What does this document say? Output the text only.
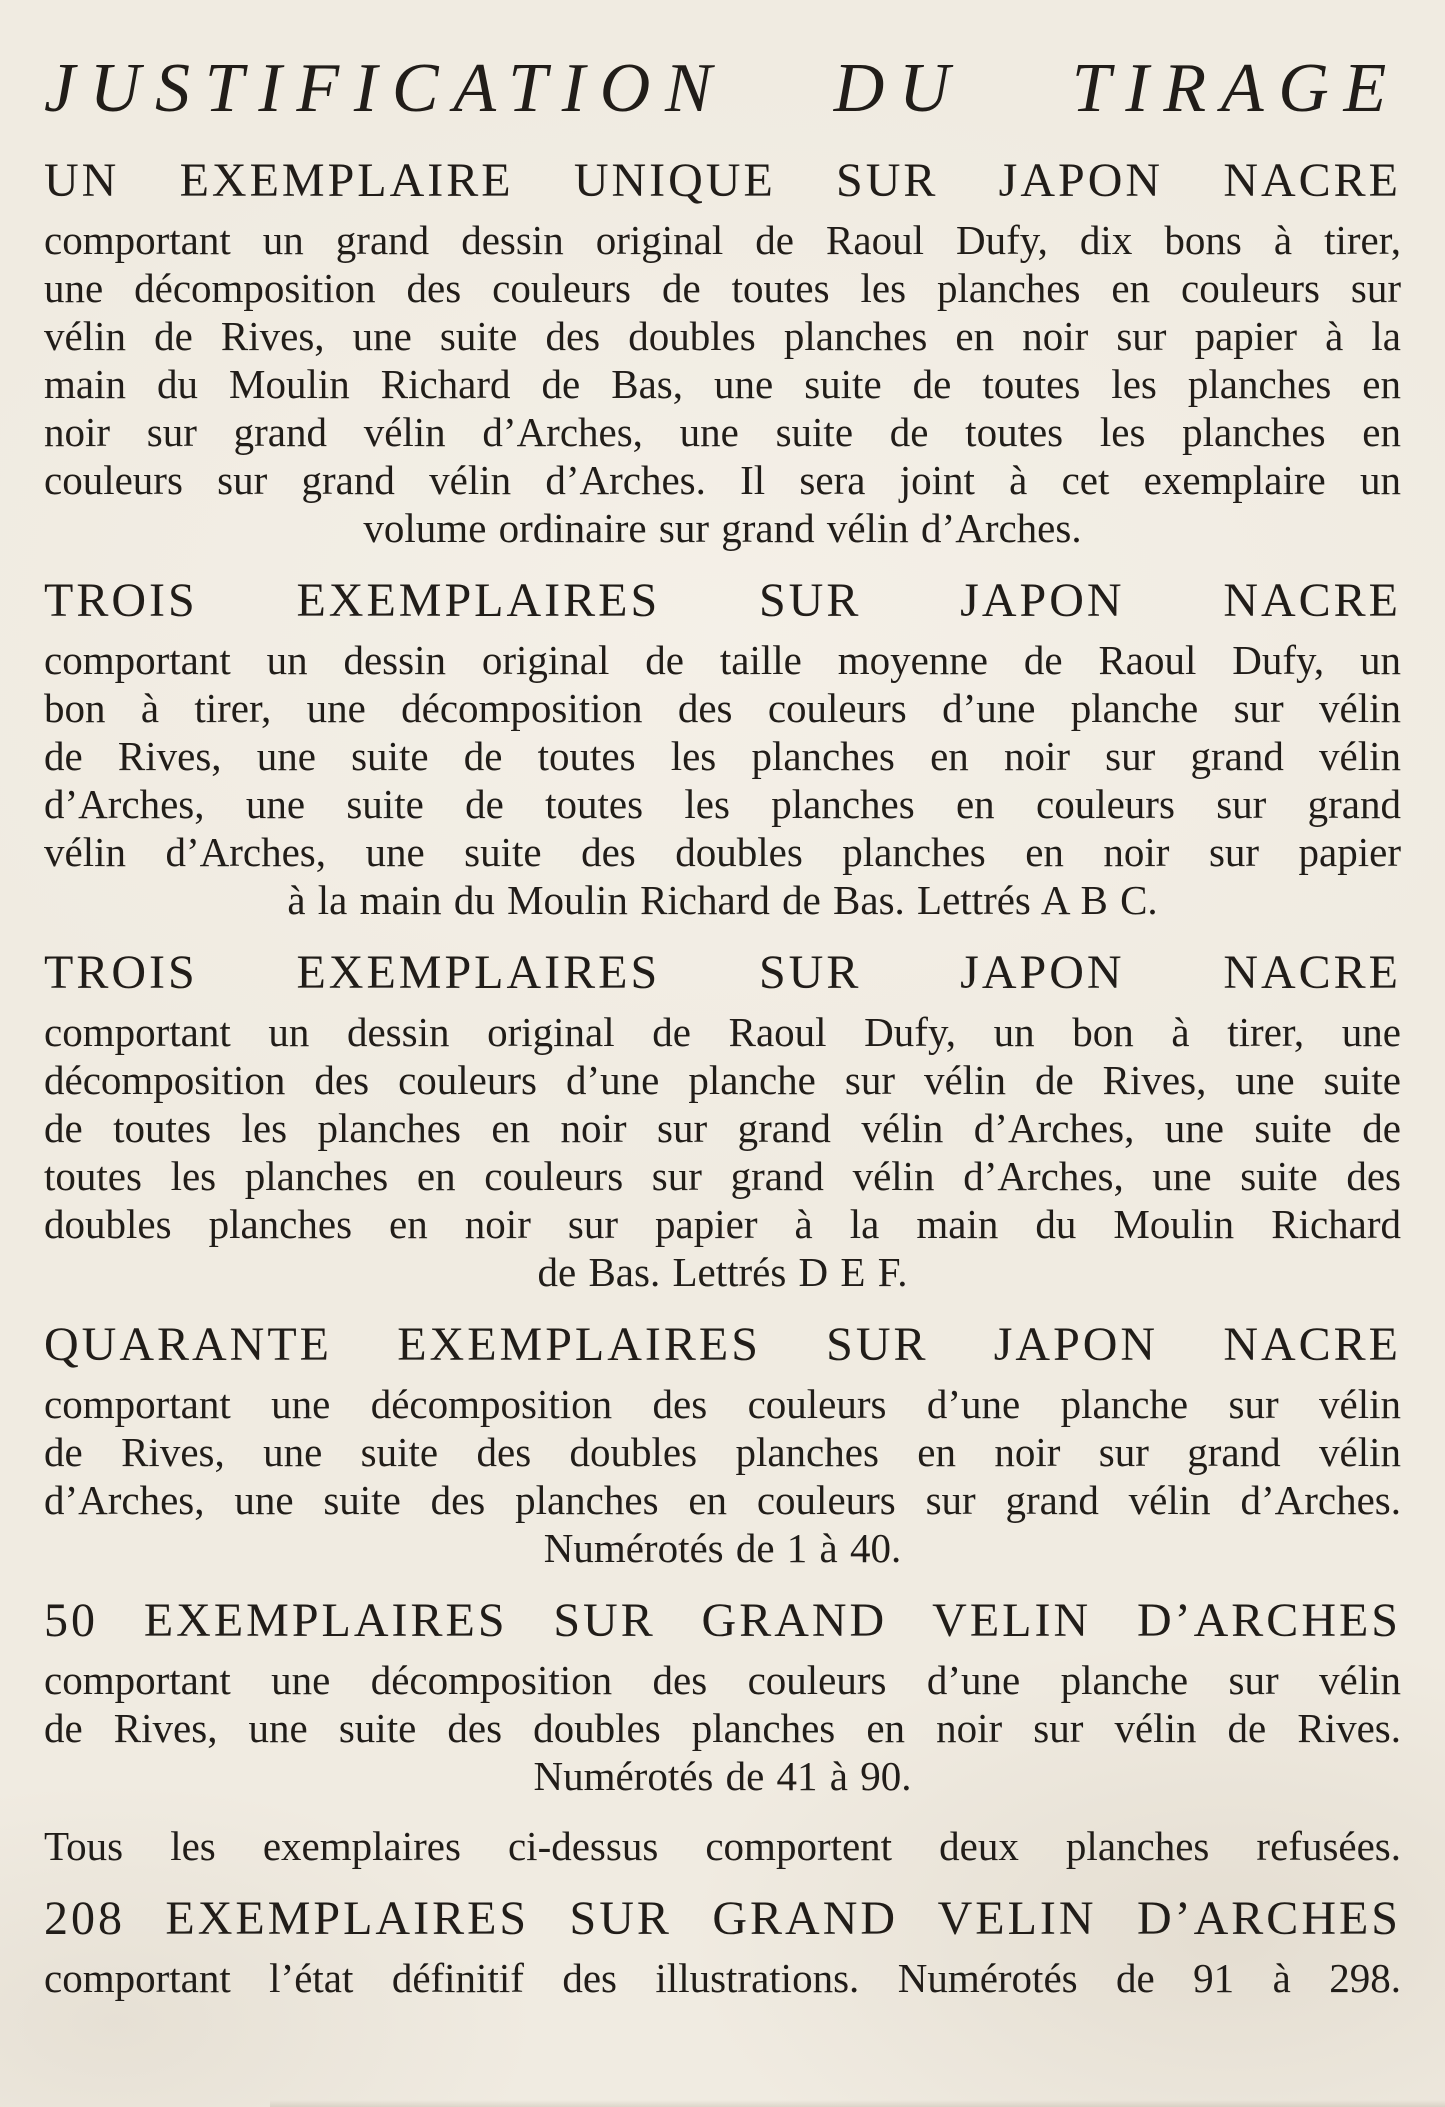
JUSTIFICATION DU TIRAGE
UN EXEMPLAIRE UNIQUE SUR JAPON NACRE
comportant un grand dessin original de Raoul Dufy, dix bons à tirer,
une décomposition des couleurs de toutes les planches en couleurs sur
vélin de Rives, une suite des doubles planches en noir sur papier à la
main du Moulin Richard de Bas, une suite de toutes les planches en
noir sur grand vélin d’Arches, une suite de toutes les planches en
couleurs sur grand vélin d’Arches. Il sera joint à cet exemplaire un
volume ordinaire sur grand vélin d’Arches.
TROIS EXEMPLAIRES SUR JAPON NACRE
comportant un dessin original de taille moyenne de Raoul Dufy, un
bon à tirer, une décomposition des couleurs d’une planche sur vélin
de Rives, une suite de toutes les planches en noir sur grand vélin
d’Arches, une suite de toutes les planches en couleurs sur grand
vélin d’Arches, une suite des doubles planches en noir sur papier
à la main du Moulin Richard de Bas. Lettrés A B C.
TROIS EXEMPLAIRES SUR JAPON NACRE
comportant un dessin original de Raoul Dufy, un bon à tirer, une
décomposition des couleurs d’une planche sur vélin de Rives, une suite
de toutes les planches en noir sur grand vélin d’Arches, une suite de
toutes les planches en couleurs sur grand vélin d’Arches, une suite des
doubles planches en noir sur papier à la main du Moulin Richard
de Bas. Lettrés D E F.
QUARANTE EXEMPLAIRES SUR JAPON NACRE
comportant une décomposition des couleurs d’une planche sur vélin
de Rives, une suite des doubles planches en noir sur grand vélin
d’Arches, une suite des planches en couleurs sur grand vélin d’Arches.
Numérotés de 1 à 40.
50 EXEMPLAIRES SUR GRAND VELIN D’ARCHES
comportant une décomposition des couleurs d’une planche sur vélin
de Rives, une suite des doubles planches en noir sur vélin de Rives.
Numérotés de 41 à 90.
Tous les exemplaires ci-dessus comportent deux planches refusées.
208 EXEMPLAIRES SUR GRAND VELIN D’ARCHES
comportant l’état définitif des illustrations. Numérotés de 91 à 298.
